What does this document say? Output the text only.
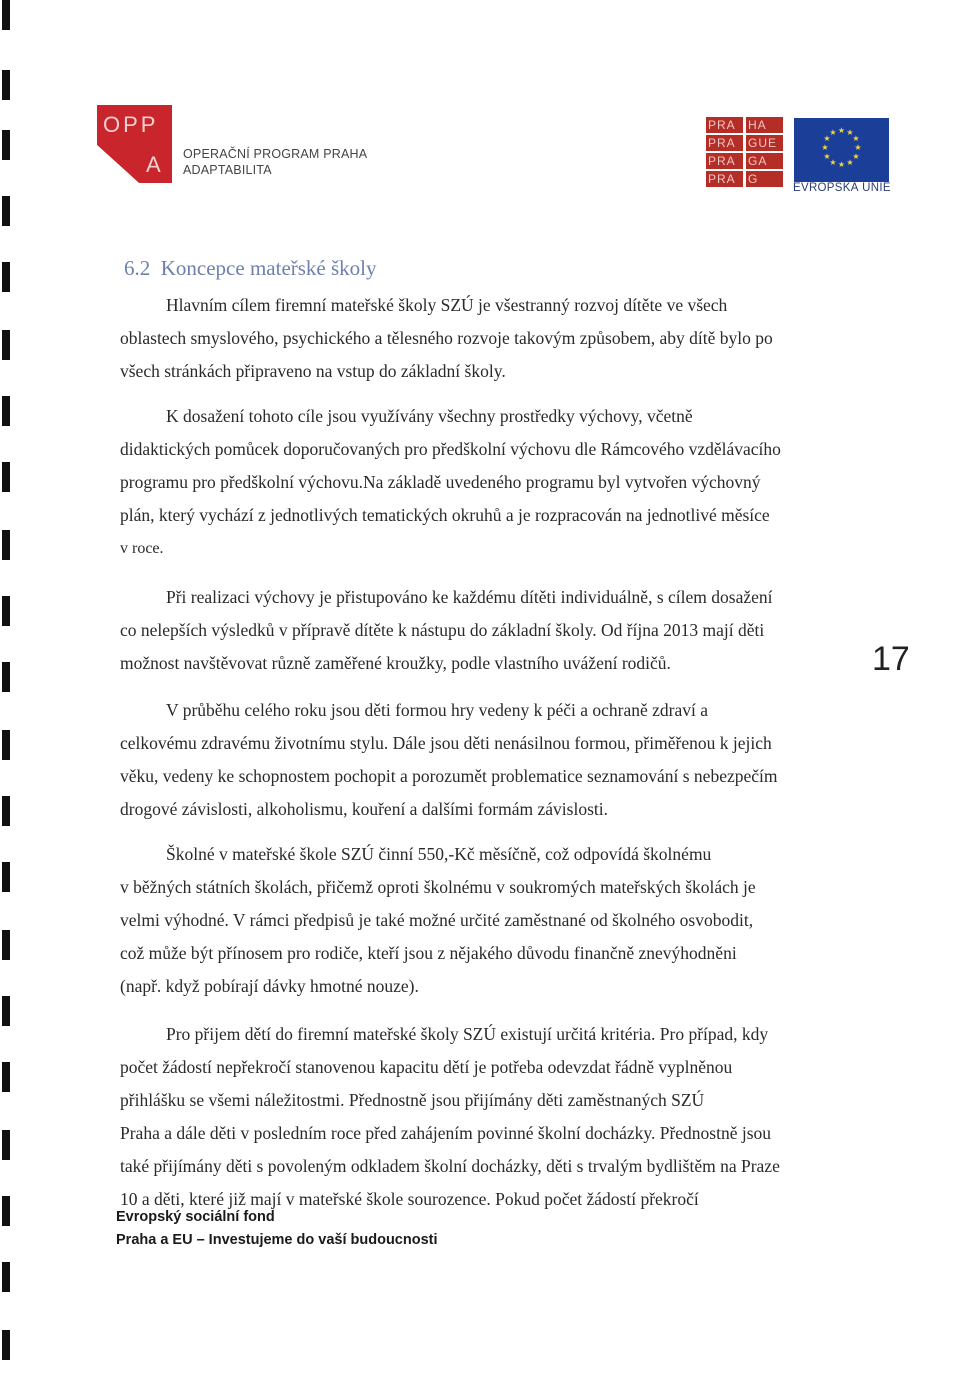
OPP
A OPERAČNÍ PROGRAM PRAHA
ADAPTABILITA
PRA	HA
PRA	GUE
PRA	GA
PRA	G
★ ★
★
★
★
★
★
★
★
★
★
★
EVROPSKÁ UNIE
6.2  Koncepce mateřské školy

Hlavním cílem firemní mateřské školy SZÚ je všestranný rozvoj dítěte ve všech

oblastech smyslového, psychického a tělesného rozvoje takovým způsobem, aby dítě bylo po

všech stránkách připraveno na vstup do základní školy.

K dosažení tohoto cíle jsou využívány všechny prostředky výchovy, včetně

didaktických pomůcek doporučovaných pro předškolní výchovu dle Rámcového vzdělávacího

programu pro předškolní výchovu.Na základě uvedeného programu byl vytvořen výchovný

plán, který vychází z jednotlivých tematických okruhů a je rozpracován na jednotlivé měsíce

v roce.

Při realizaci výchovy je přistupováno ke každému dítěti individuálně, s cílem dosažení

co nelepších výsledků v přípravě dítěte k nástupu do základní školy. Od října 2013 mají děti

možnost navštěvovat různě zaměřené kroužky, podle vlastního uvážení rodičů.	17

V průběhu celého roku jsou děti formou hry vedeny k péči a ochraně zdraví a

celkovému zdravému životnímu stylu. Dále jsou děti nenásilnou formou, přiměřenou k jejich

věku, vedeny ke schopnostem pochopit a porozumět problematice seznamování s nebezpečím

drogové závislosti, alkoholismu, kouření a dalšími formám závislosti.

Školné v mateřské škole SZÚ činní 550,-Kč měsíčně, což odpovídá školnému

v běžných státních školách, přičemž oproti školnému v soukromých mateřských školách je

velmi výhodné. V rámci předpisů je také možné určité zaměstnané od školného osvobodit,

což může být přínosem pro rodiče, kteří jsou z nějakého důvodu finančně znevýhodněni

(např. když pobírají dávky hmotné nouze).

Pro přijem dětí do firemní mateřské školy SZÚ existují určitá kritéria. Pro případ, kdy

počet žádostí nepřekročí stanovenou kapacitu dětí je potřeba odevzdat řádně vyplněnou

přihlášku se všemi náležitostmi. Přednostně jsou přijímány děti zaměstnaných SZÚ

Praha a dále děti v posledním roce před zahájením povinné školní docházky. Přednostně jsou

také přijímány děti s povoleným odkladem školní docházky, děti s trvalým bydlištěm na Praze

10 a děti, které již mají v mateřské škole sourozence. Pokud počet žádostí překročí

Evropský sociální fond
Praha a EU – Investujeme do vaší budoucnosti
